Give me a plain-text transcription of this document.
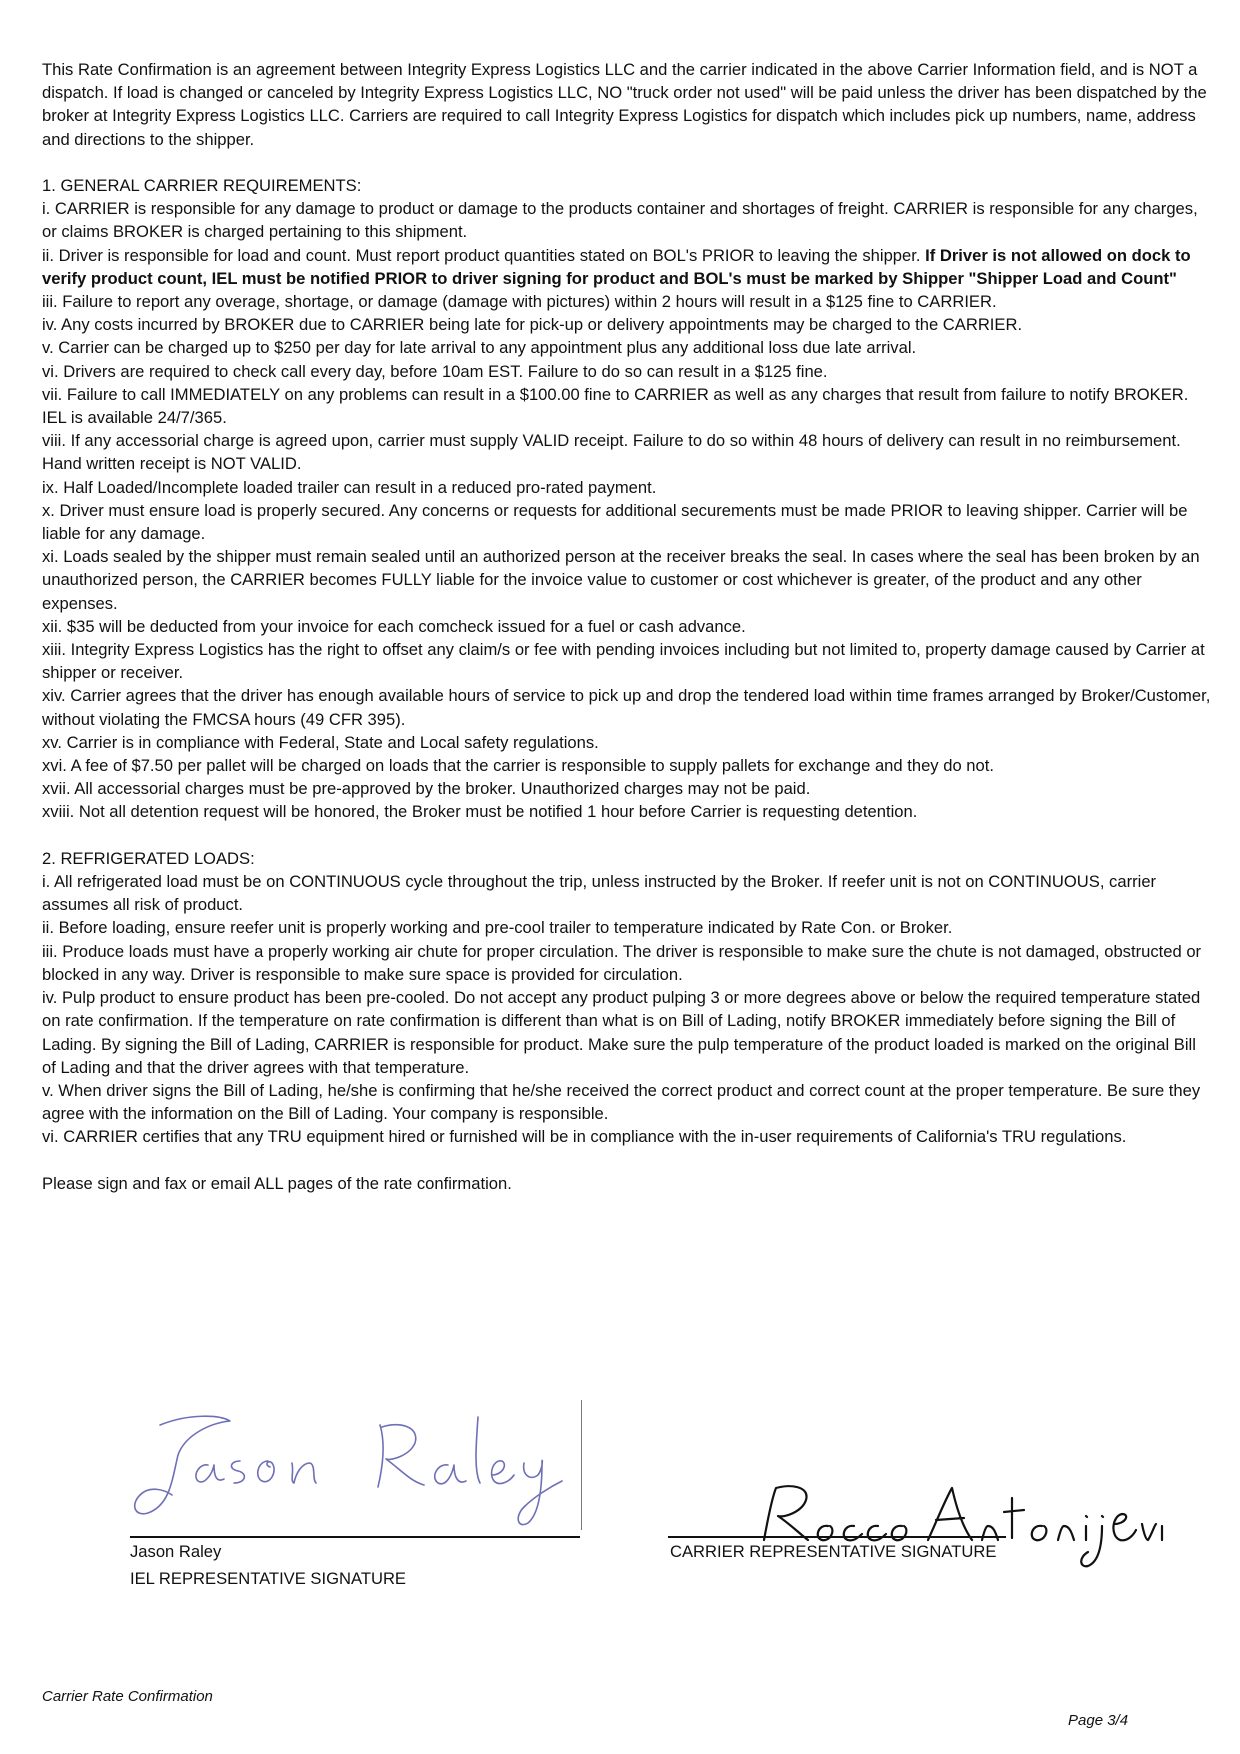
This Rate Confirmation is an agreement between Integrity Express Logistics LLC and the carrier indicated in the above Carrier Information field, and is NOT a dispatch. If load is changed or canceled by Integrity Express Logistics LLC, NO "truck order not used" will be paid unless the driver has been dispatched by the broker at Integrity Express Logistics LLC. Carriers are required to call Integrity Express Logistics for dispatch which includes pick up numbers, name, address and directions to the shipper.

1. GENERAL CARRIER REQUIREMENTS:

i. CARRIER is responsible for any damage to product or damage to the products container and shortages of freight. CARRIER is responsible for any charges, or claims BROKER is charged pertaining to this shipment.

ii. Driver is responsible for load and count. Must report product quantities stated on BOL's PRIOR to leaving the shipper. If Driver is not allowed on dock to verify product count, IEL must be notified PRIOR to driver signing for product and BOL's must be marked by Shipper "Shipper Load and Count"

iii. Failure to report any overage, shortage, or damage (damage with pictures) within 2 hours will result in a $125 fine to CARRIER.

iv. Any costs incurred by BROKER due to CARRIER being late for pick-up or delivery appointments may be charged to the CARRIER.

v. Carrier can be charged up to $250 per day for late arrival to any appointment plus any additional loss due late arrival.

vi. Drivers are required to check call every day, before 10am EST. Failure to do so can result in a $125 fine.

vii. Failure to call IMMEDIATELY on any problems can result in a $100.00 fine to CARRIER as well as any charges that result from failure to notify BROKER. IEL is available 24/7/365.

viii. If any accessorial charge is agreed upon, carrier must supply VALID receipt. Failure to do so within 48 hours of delivery can result in no reimbursement. Hand written receipt is NOT VALID.

ix. Half Loaded/Incomplete loaded trailer can result in a reduced pro-rated payment.

x. Driver must ensure load is properly secured. Any concerns or requests for additional securements must be made PRIOR to leaving shipper. Carrier will be liable for any damage.

xi. Loads sealed by the shipper must remain sealed until an authorized person at the receiver breaks the seal. In cases where the seal has been broken by an unauthorized person, the CARRIER becomes FULLY liable for the invoice value to customer or cost whichever is greater, of the product and any other expenses.

xii. $35 will be deducted from your invoice for each comcheck issued for a fuel or cash advance.

xiii. Integrity Express Logistics has the right to offset any claim/s or fee with pending invoices including but not limited to, property damage caused by Carrier at shipper or receiver.

xiv. Carrier agrees that the driver has enough available hours of service to pick up and drop the tendered load within time frames arranged by Broker/Customer, without violating the FMCSA hours (49 CFR 395).

xv. Carrier is in compliance with Federal, State and Local safety regulations.

xvi. A fee of $7.50 per pallet will be charged on loads that the carrier is responsible to supply pallets for exchange and they do not.

xvii. All accessorial charges must be pre-approved by the broker. Unauthorized charges may not be paid.

xviii. Not all detention request will be honored, the Broker must be notified 1 hour before Carrier is requesting detention.

2. REFRIGERATED LOADS:

i. All refrigerated load must be on CONTINUOUS cycle throughout the trip, unless instructed by the Broker. If reefer unit is not on CONTINUOUS, carrier assumes all risk of product.

ii. Before loading, ensure reefer unit is properly working and pre-cool trailer to temperature indicated by Rate Con. or Broker.

iii. Produce loads must have a properly working air chute for proper circulation. The driver is responsible to make sure the chute is not damaged, obstructed or blocked in any way. Driver is responsible to make sure space is provided for circulation.

iv. Pulp product to ensure product has been pre-cooled. Do not accept any product pulping 3 or more degrees above or below the required temperature stated on rate confirmation. If the temperature on rate confirmation is different than what is on Bill of Lading, notify BROKER immediately before signing the Bill of Lading. By signing the Bill of Lading, CARRIER is responsible for product. Make sure the pulp temperature of the product loaded is marked on the original Bill of Lading and that the driver agrees with that temperature.

v. When driver signs the Bill of Lading, he/she is confirming that he/she received the correct product and correct count at the proper temperature. Be sure they agree with the information on the Bill of Lading. Your company is responsible.

vi. CARRIER certifies that any TRU equipment hired or furnished will be in compliance with the in-user requirements of California's TRU regulations.

Please sign and fax or email ALL pages of the rate confirmation.

Jason Raley
IEL REPRESENTATIVE SIGNATURE
CARRIER REPRESENTATIVE SIGNATURE
Carrier Rate Confirmation
Page 3/4
